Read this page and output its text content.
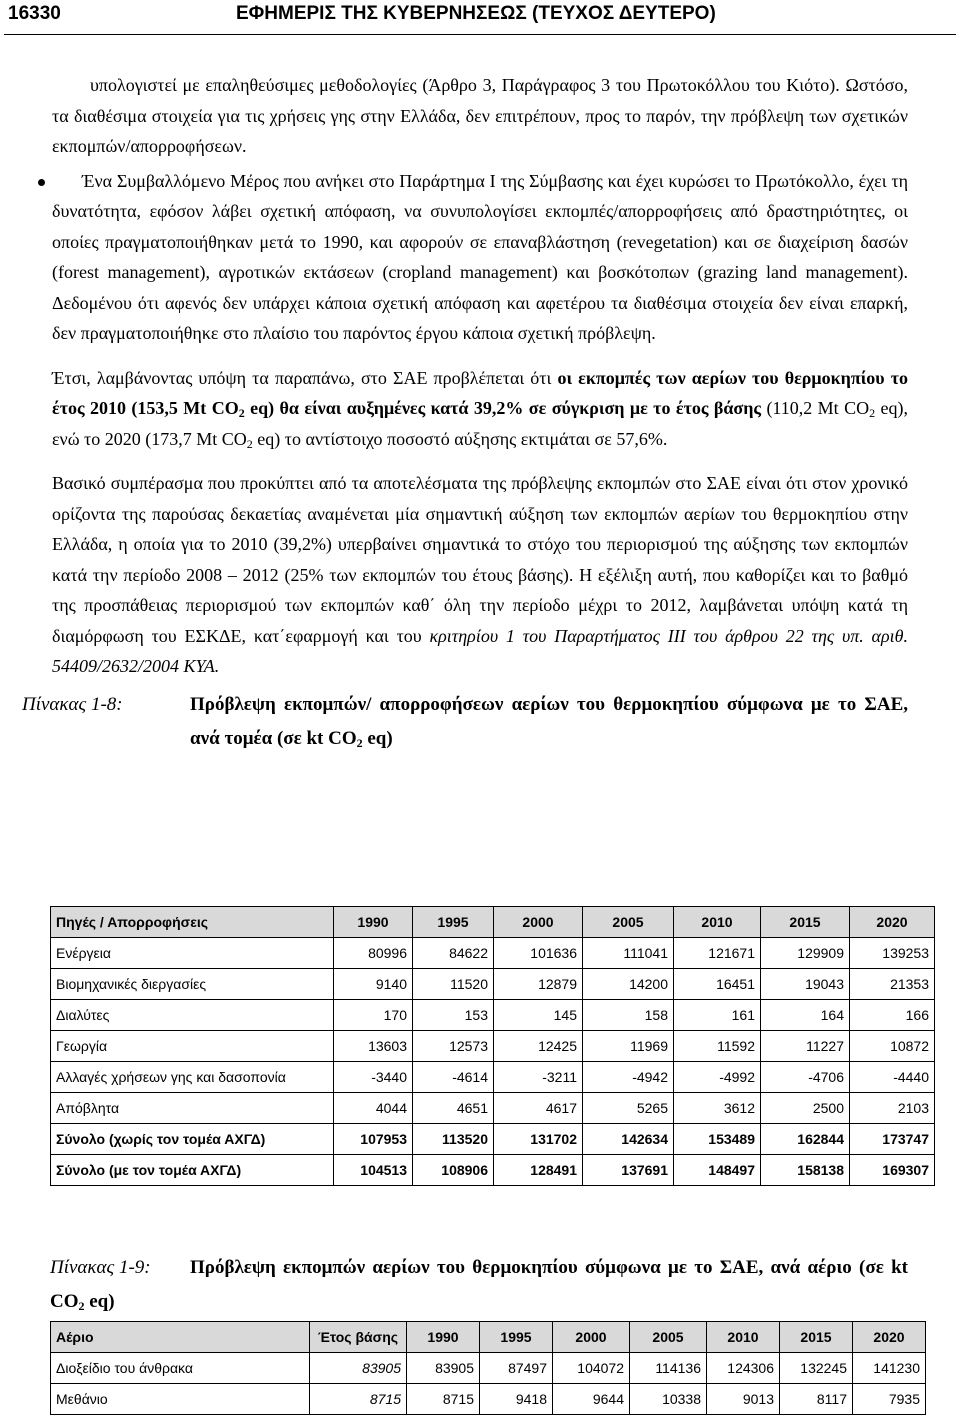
16330	ΕΦΗΜΕΡΙΣ ΤΗΣ ΚΥΒΕΡΝΗΣΕΩΣ (ΤΕΥΧΟΣ ΔΕΥΤΕΡΟ)

υπολογιστεί με επαληθεύσιμες μεθοδολογίες (Άρθρο 3, Παράγραφος 3 του Πρωτοκόλλου του Κιότο). Ωστόσο, τα διαθέσιμα στοιχεία για τις χρήσεις γης στην Ελλάδα, δεν επιτρέπουν, προς το παρόν, την πρόβλεψη των σχετικών εκπομπών/απορροφήσεων.

Ένα Συμβαλλόμενο Μέρος που ανήκει στο Παράρτημα Ι της Σύμβασης και έχει κυρώσει το Πρωτόκολλο, έχει τη δυνατότητα, εφόσον λάβει σχετική απόφαση, να συνυπολογίσει εκπομπές/απορροφήσεις από δραστηριότητες, οι οποίες πραγματοποιήθηκαν μετά το 1990, και αφορούν σε επαναβλάστηση (revegetation) και σε διαχείριση δασών (forest management), αγροτικών εκτάσεων (cropland management) και βοσκότοπων (grazing land management). Δεδομένου ότι αφενός δεν υπάρχει κάποια σχετική απόφαση και αφετέρου τα διαθέσιμα στοιχεία δεν είναι επαρκή, δεν πραγματοποιήθηκε στο πλαίσιο του παρόντος έργου κάποια σχετική πρόβλεψη.

Έτσι, λαμβάνοντας υπόψη τα παραπάνω, στο ΣΑΕ προβλέπεται ότι οι εκπομπές των αερίων του θερμοκηπίου το έτος 2010 (153,5 Mt $CO_2$ eq) θα είναι αυξημένες κατά 39,2% σε σύγκριση με το έτος βάσης (110,2 Mt $CO_2$ eq), ενώ το 2020 (173,7 Mt $CO_2$ eq) το αντίστοιχο ποσοστό αύξησης εκτιμάται σε 57,6%.

Βασικό συμπέρασμα που προκύπτει από τα αποτελέσματα της πρόβλεψης εκπομπών στο ΣΑΕ είναι ότι στον χρονικό ορίζοντα της παρούσας δεκαετίας αναμένεται μία σημαντική αύξηση των εκπομπών αερίων του θερμοκηπίου στην Ελλάδα, η οποία για το 2010 (39,2%) υπερβαίνει σημαντικά το στόχο του περιορισμού της αύξησης των εκπομπών κατά την περίοδο 2008 – 2012 (25% των εκπομπών του έτους βάσης). Η εξέλιξη αυτή, που καθορίζει και το βαθμό της προσπάθειας περιορισμού των εκπομπών καθ΄ όλη την περίοδο μέχρι το 2012, λαμβάνεται υπόψη κατά τη διαμόρφωση του ΕΣΚΔΕ, κατ΄εφαρμογή και του κριτηρίου 1 του Παραρτήματος ΙΙΙ του άρθρου 22 της υπ. αριθ. 54409/2632/2004 ΚΥΑ.

Πίνακας 1-8:	Πρόβλεψη εκπομπών/ απορροφήσεων αερίων του θερμοκηπίου σύμφωνα με το ΣΑΕ, ανά τομέα (σε kt $CO_2$ eq)
Πηγές / Απορροφήσεις	1990	1995	2000	2005	2010	2015	2020
Ενέργεια	80996	84622	101636	111041	121671	129909	139253
Βιομηχανικές διεργασίες	9140	11520	12879	14200	16451	19043	21353
Διαλύτες	170	153	145	158	161	164	166
Γεωργία	13603	12573	12425	11969	11592	11227	10872
Αλλαγές χρήσεων γης και δασοπονία	-3440	-4614	-3211	-4942	-4992	-4706	-4440
Απόβλητα	4044	4651	4617	5265	3612	2500	2103
Σύνολο (χωρίς τον τομέα ΑΧΓΔ)	107953	113520	131702	142634	153489	162844	173747
Σύνολο (με τον τομέα ΑΧΓΔ)	104513	108906	128491	137691	148497	158138	169307
Πίνακας 1-9:	Πρόβλεψη εκπομπών αερίων του θερμοκηπίου σύμφωνα με το ΣΑΕ, ανά αέριο (σε kt $CO_2$ eq)
Αέριο	Έτος βάσης	1990	1995	2000	2005	2010	2015	2020
Διοξείδιο του άνθρακα	83905	83905	87497	104072	114136	124306	132245	141230
Μεθάνιο	8715	8715	9418	9644	10338	9013	8117	7935
